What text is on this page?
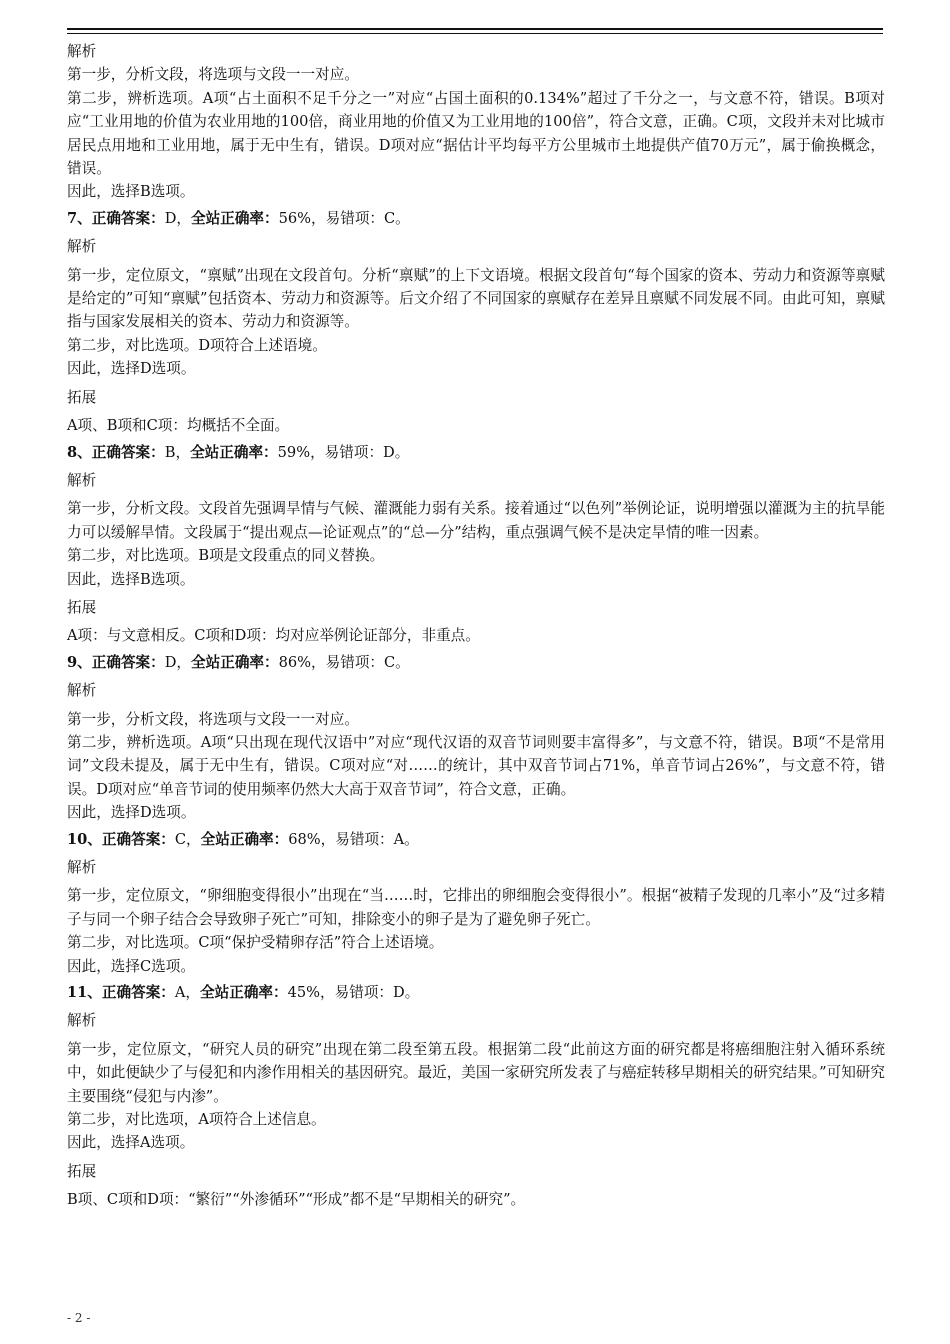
解析

第一步，分析文段，将选项与文段一一对应。

第二步，辨析选项。A项“占土面积不足千分之一”对应“占国土面积的0.134%”超过了千分之一，与文意不符，错误。B项对应“工业用地的价值为农业用地的100倍，商业用地的价值又为工业用地的100倍”，符合文意，正确。C项，文段并未对比城市居民点用地和工业用地，属于无中生有，错误。D项对应“据估计平均每平方公里城市土地提供产值70万元”，属于偷换概念，错误。

因此，选择B选项。

7、正确答案：D，全站正确率：56%，易错项：C。

解析

第一步，定位原文，“禀赋”出现在文段首句。分析“禀赋”的上下文语境。根据文段首句“每个国家的资本、劳动力和资源等禀赋是给定的”可知“禀赋”包括资本、劳动力和资源等。后文介绍了不同国家的禀赋存在差异且禀赋不同发展不同。由此可知，禀赋指与国家发展相关的资本、劳动力和资源等。

第二步，对比选项。D项符合上述语境。

因此，选择D选项。

拓展

A项、B项和C项：均概括不全面。

8、正确答案：B，全站正确率：59%，易错项：D。

解析

第一步，分析文段。文段首先强调旱情与气候、灌溉能力弱有关系。接着通过“以色列”举例论证，说明增强以灌溉为主的抗旱能力可以缓解旱情。文段属于“提出观点—论证观点”的“总—分”结构，重点强调气候不是决定旱情的唯一因素。

第二步，对比选项。B项是文段重点的同义替换。

因此，选择B选项。

拓展

A项：与文意相反。C项和D项：均对应举例论证部分，非重点。

9、正确答案：D，全站正确率：86%，易错项：C。

解析

第一步，分析文段，将选项与文段一一对应。

第二步，辨析选项。A项“只出现在现代汉语中”对应“现代汉语的双音节词则要丰富得多”，与文意不符，错误。B项“不是常用词”文段未提及，属于无中生有，错误。C项对应“对……的统计，其中双音节词占71%，单音节词占26%”，与文意不符，错误。D项对应“单音节词的使用频率仍然大大高于双音节词”，符合文意，正确。

因此，选择D选项。

10、正确答案：C，全站正确率：68%，易错项：A。

解析

第一步，定位原文，“卵细胞变得很小”出现在“当……时，它排出的卵细胞会变得很小”。根据“被精子发现的几率小”及“过多精子与同一个卵子结合会导致卵子死亡”可知，排除变小的卵子是为了避免卵子死亡。

第二步，对比选项。C项“保护受精卵存活”符合上述语境。

因此，选择C选项。

11、正确答案：A，全站正确率：45%，易错项：D。

解析

第一步，定位原文，“研究人员的研究”出现在第二段至第五段。根据第二段“此前这方面的研究都是将癌细胞注射入循环系统中，如此便缺少了与侵犯和内渗作用相关的基因研究。最近，美国一家研究所发表了与癌症转移早期相关的研究结果。”可知研究主要围绕“侵犯与内渗”。

第二步，对比选项，A项符合上述信息。

因此，选择A选项。

拓展

B项、C项和D项：“繁衍”“外渗循环”“形成”都不是“早期相关的研究”。

- 2 -
